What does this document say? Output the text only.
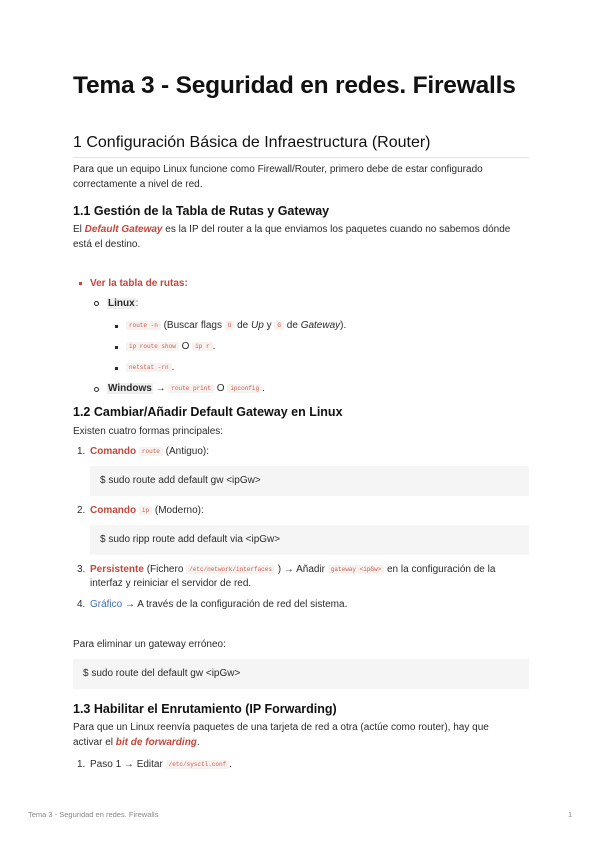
Tema 3 - Seguridad en redes. Firewalls
1 Configuración Básica de Infraestructura (Router)

Para que un equipo Linux funcione como Firewall/Router, primero debe de estar configurado

correctamente a nivel de red.

1.1 Gestión de la Tabla de Rutas y Gateway

El Default Gateway es la IP del router a la que enviamos los paquetes cuando no sabemos dónde

está el destino.

Ver la tabla de rutas:
Linux:
route -n (Buscar flags U de Up y G de Gateway).
ip route show O ip r .
netstat -rn .
Windows → route print O ipconfig .
1.2 Cambiar/Añadir Default Gateway en Linux

Existen cuatro formas principales:

1. Comando route (Antiguo):
$ sudo route add default gw <ipGw>
2. Comando ip (Moderno):
$ sudo ripp route add default via <ipGw>
3. Persistente (Fichero /etc/network/interfaces ) → Añadir gateway <ipGw> en la configuración de la
interfaz y reiniciar el servidor de red.
4. Gráfico → A través de la configuración de red del sistema.

Para eliminar un gateway erróneo:

$ sudo route del default gw <ipGw>
1.3 Habilitar el Enrutamiento (IP Forwarding)

Para que un Linux reenvía paquetes de una tarjeta de red a otra (actúe como router), hay que

activar el bit de forwarding.

1. Paso 1 → Editar /etc/sysctl.conf .
Tema 3 - Seguridad en redes. Firewalls	1
